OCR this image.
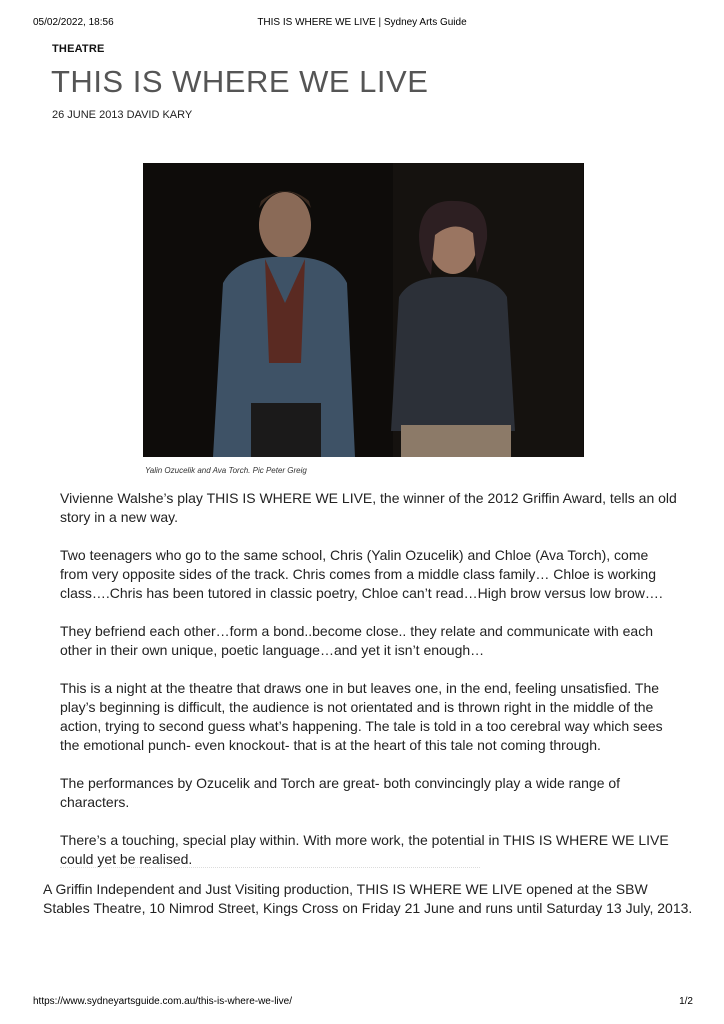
05/02/2022, 18:56	THIS IS WHERE WE LIVE | Sydney Arts Guide
THEATRE
THIS IS WHERE WE LIVE
26 JUNE 2013 DAVID KARY
Yalin Ozucelik and Ava Torch. Pic Peter Greig

Vivienne Walshe’s play THIS IS WHERE WE LIVE, the winner of the 2012 Griffin Award, tells an old story in a new way.

Two teenagers who go to the same school, Chris (Yalin Ozucelik) and Chloe (Ava Torch), come from very opposite sides of the track. Chris comes from a middle class family… Chloe is working class….Chris has been tutored in classic poetry, Chloe can’t read…High brow versus low brow….

They befriend each other…form a bond..become close.. they relate and communicate with each other in their own unique, poetic language…and yet it isn’t enough…

This is a night at the theatre that draws one in but leaves one, in the end, feeling unsatisfied. The play’s beginning is difficult, the audience is not orientated and is thrown right in the middle of the action, trying to second guess what’s happening. The tale is told in a too cerebral way which sees the emotional punch- even knockout- that is at the heart of this tale not coming through.

The performances by Ozucelik and Torch are great- both convincingly play a wide range of characters.

There’s a touching, special play within. With more work, the potential in THIS IS WHERE WE LIVE could yet be realised.

A Griffin Independent and Just Visiting production, THIS IS WHERE WE LIVE opened at the SBW Stables Theatre, 10 Nimrod Street, Kings Cross on Friday 21 June and runs until Saturday 13 July, 2013.

https://www.sydneyartsguide.com.au/this-is-where-we-live/	1/2
